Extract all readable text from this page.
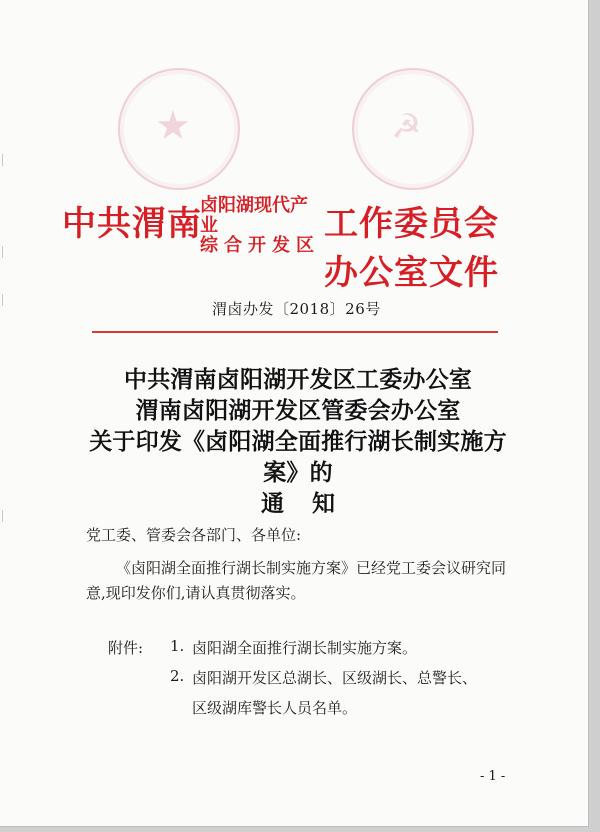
★	☭
中共渭南
卤阳湖现代产业
综合开发区
工作委员会办公室文件
渭卤办发〔2018〕26号
中共渭南卤阳湖开发区工委办公室
渭南卤阳湖开发区管委会办公室
关于印发《卤阳湖全面推行湖长制实施方案》的
通知

党工委、管委会各部门、各单位:

《卤阳湖全面推行湖长制实施方案》已经党工委会议研究同意,现印发你们,请认真贯彻落实。

附件: 1. 卤阳湖全面推行湖长制实施方案。
2. 卤阳湖开发区总湖长、区级湖长、总警长、
区级湖库警长人员名单。
- 1 -
